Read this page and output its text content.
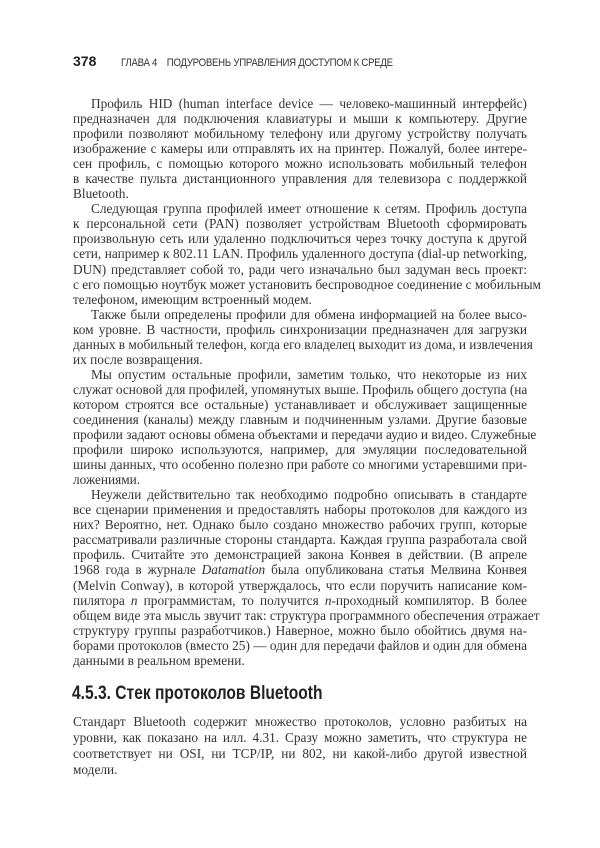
378	ГЛАВА 4    ПОДУРОВЕНЬ УПРАВЛЕНИЯ ДОСТУПОМ К СРЕДЕ
Профиль HID (human interface device — человеко-машинный интерфейс)
предназначен для подключения клавиатуры и мыши к компьютеру. Другие
профили позволяют мобильному телефону или другому устройству получать
изображение с камеры или отправлять их на принтер. Пожалуй, более интере-
сен профиль, с помощью которого можно использовать мобильный телефон
в качестве пульта дистанционного управления для телевизора с поддержкой
Bluetooth.
Следующая группа профилей имеет отношение к сетям. Профиль доступа
к персональной сети (PAN) позволяет устройствам Bluetooth сформировать
произвольную сеть или удаленно подключиться через точку доступа к другой
сети, например к 802.11 LAN. Профиль удаленного доступа (dial-up networking,
DUN) представляет собой то, ради чего изначально был задуман весь проект:
с его помощью ноутбук может установить беспроводное соединение с мобильным
телефоном, имеющим встроенный модем.
Также были определены профили для обмена информацией на более высо-
ком уровне. В частности, профиль синхронизации предназначен для загрузки
данных в мобильный телефон, когда его владелец выходит из дома, и извлечения
их после возвращения.
Мы опустим остальные профили, заметим только, что некоторые из них
служат основой для профилей, упомянутых выше. Профиль общего доступа (на
котором строятся все остальные) устанавливает и обслуживает защищенные
соединения (каналы) между главным и подчиненным узлами. Другие базовые
профили задают основы обмена объектами и передачи аудио и видео. Служебные
профили широко используются, например, для эмуляции последовательной
шины данных, что особенно полезно при работе со многими устаревшими при-
ложениями.
Неужели действительно так необходимо подробно описывать в стандарте
все сценарии применения и предоставлять наборы протоколов для каждого из
них? Вероятно, нет. Однако было создано множество рабочих групп, которые
рассматривали различные стороны стандарта. Каждая группа разработала свой
профиль. Считайте это демонстрацией закона Конвея в действии. (В апреле
1968 года в журнале Datamation была опубликована статья Мелвина Конвея
(Melvin Conway), в которой утверждалось, что если поручить написание ком-
пилятора n программистам, то получится n-проходный компилятор. В более
общем виде эта мысль звучит так: структура программного обеспечения отражает
структуру группы разработчиков.) Наверное, можно было обойтись двумя на-
борами протоколов (вместо 25) — один для передачи файлов и один для обмена
данными в реальном времени.
4.5.3. Стек протоколов Bluetooth
Стандарт Bluetooth содержит множество протоколов, условно разбитых на
уровни, как показано на илл. 4.31. Сразу можно заметить, что структура не
соответствует ни OSI, ни TCP/IP, ни 802, ни какой-либо другой известной
модели.
